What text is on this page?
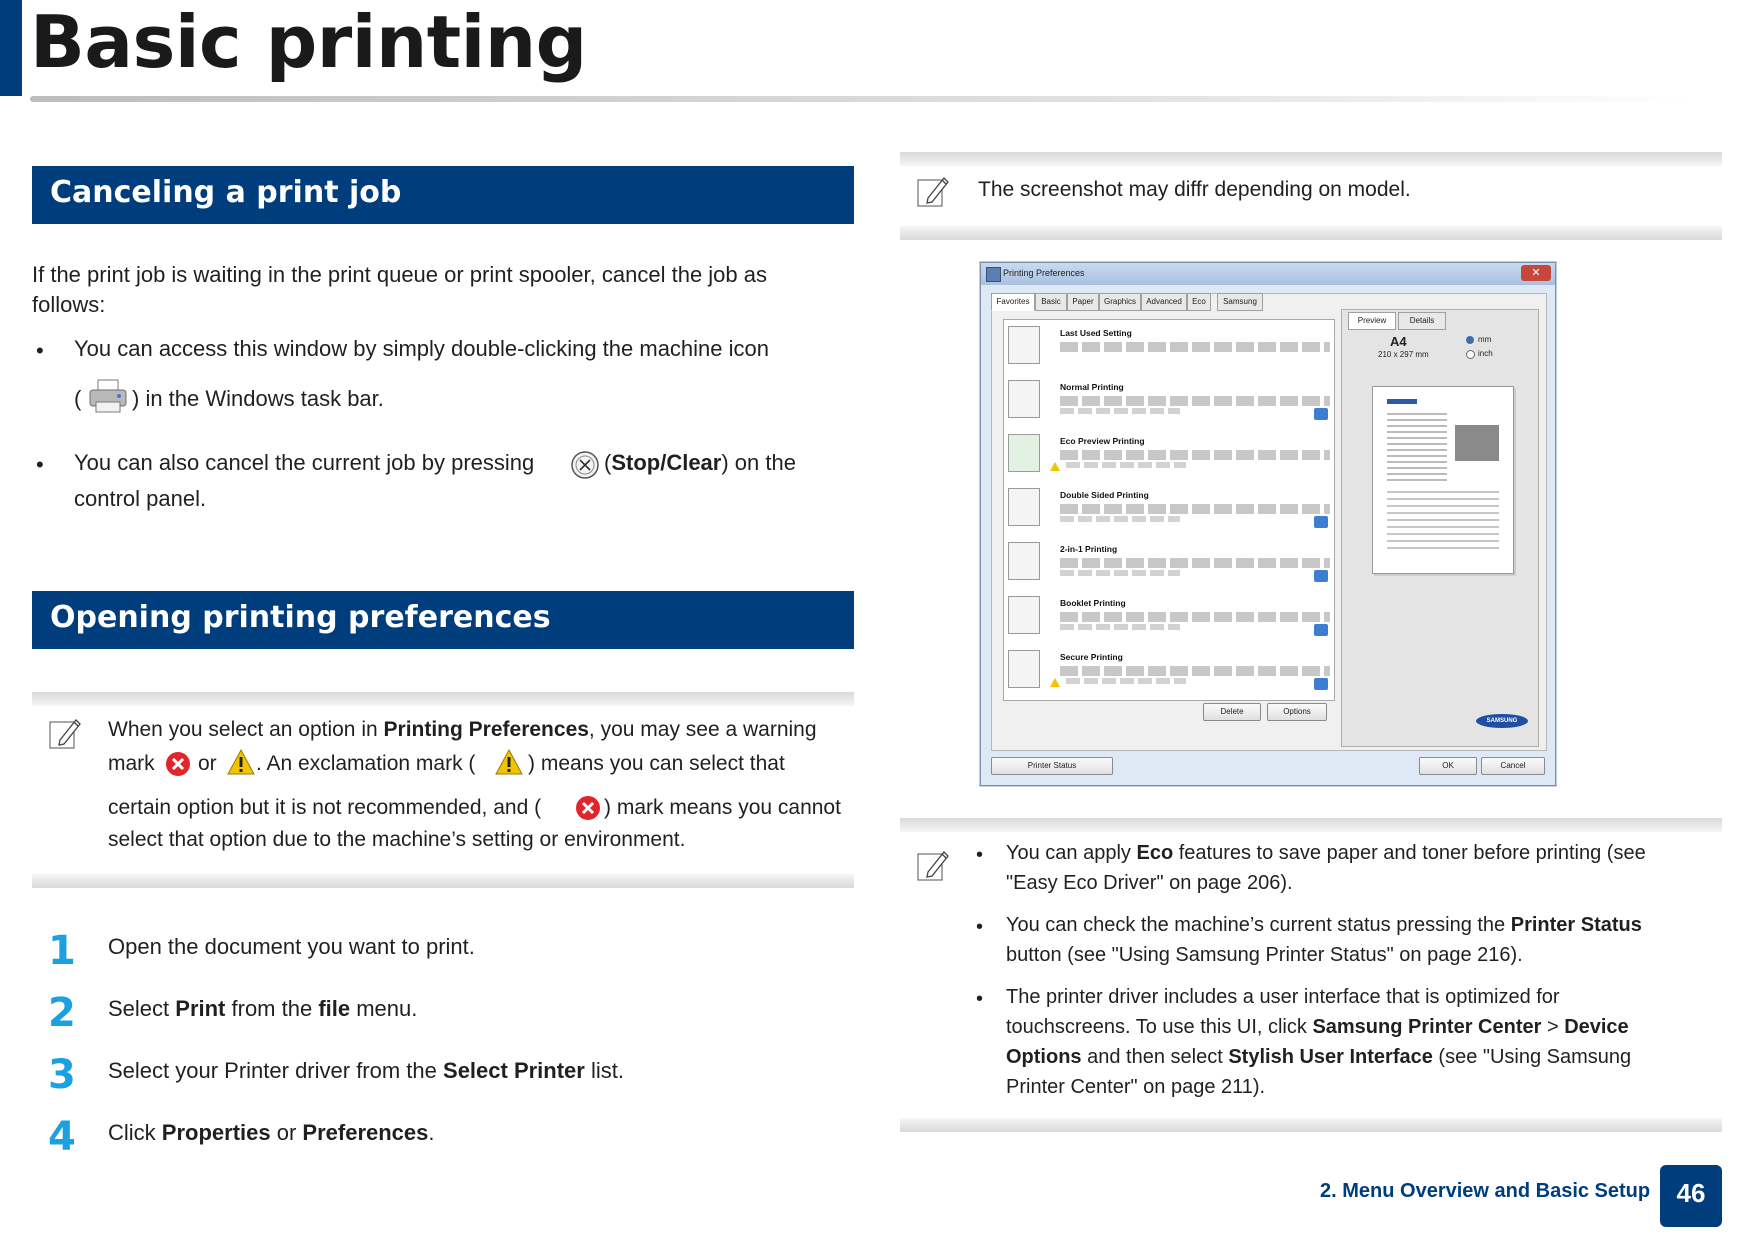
Basic printing
Canceling a print job
If the print job is waiting in the print queue or print spooler, cancel the job as
follows:
• You can access this window by simply double-clicking the machine icon
( ) in the Windows task bar.
• You can also cancel the current job by pressing	(Stop/Clear) on the
control panel.
Opening printing preferences
When you select an option in Printing Preferences, you may see a warning
mark or . An exclamation mark (	) means you can select that
certain option but it is not recommended, and (	) mark means you cannot
select that option due to the machine’s setting or environment.
1 Open the document you want to print.
2 Select Print from the file menu.
3 Select your Printer driver from the Select Printer list.
4 Click Properties or Preferences.
The screenshot may diffr depending on model.
Printing Preferences	✕
Favorites	Basic	Paper	Graphics	Advanced	Eco	Samsung
Last Used Setting
Normal Printing
Eco Preview Printing
Double Sided Printing
2-in-1 Printing
Booklet Printing
Secure Printing
Delete	Options
Preview	Details
A4
210 x 297 mm
mm
inch
SAMSUNG
Printer Status	OK	Cancel
• You can apply Eco features to save paper and toner before printing (see
"Easy Eco Driver" on page 206).
• You can check the machine’s current status pressing the Printer Status
button (see "Using Samsung Printer Status" on page 216).
• The printer driver includes a user interface that is optimized for
touchscreens. To use this UI, click Samsung Printer Center > Device
Options and then select Stylish User Interface (see "Using Samsung
Printer Center" on page 211).
2. Menu Overview and Basic Setup	46
